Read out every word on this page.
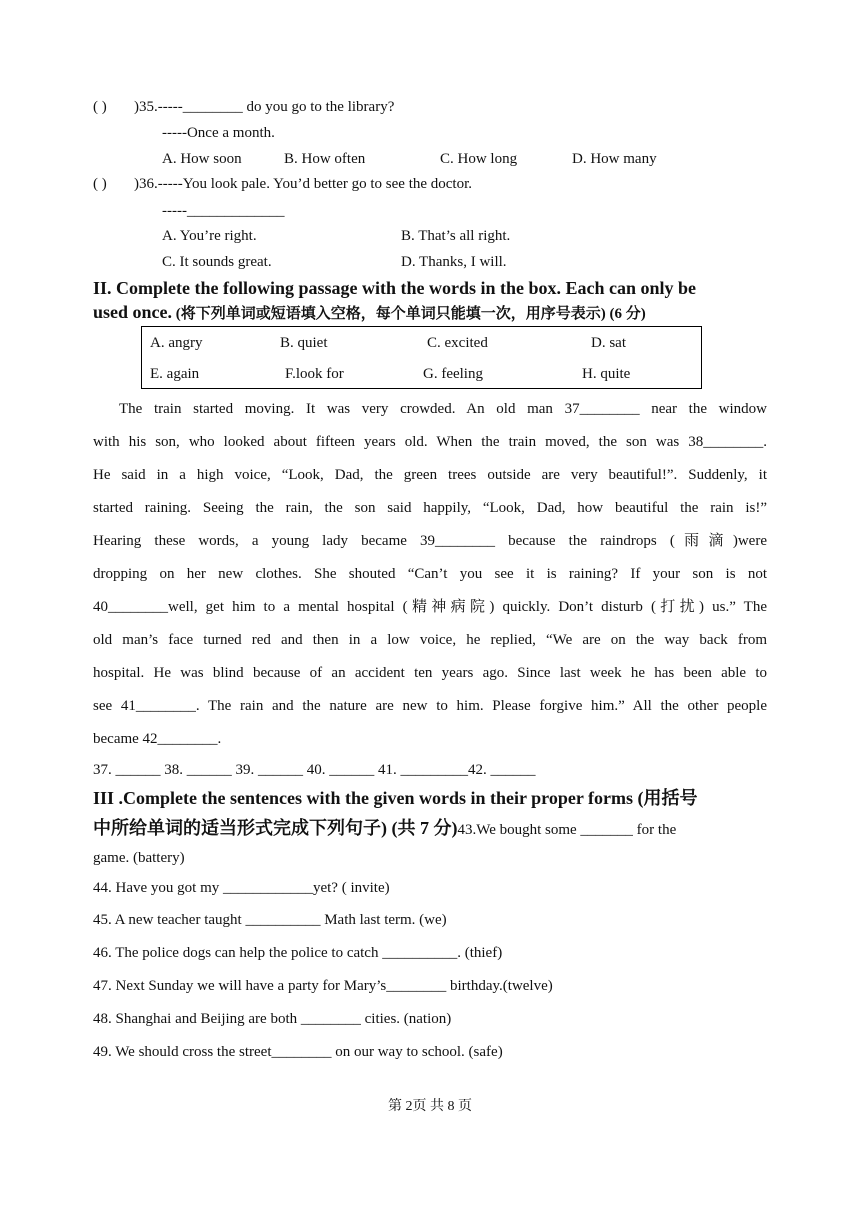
( ) )35.-----________ do you go to the library?
-----Once a month.
A. How soon	B. How often	C. How long	D. How many
( ) )36.-----You look pale. You’d better go to see the doctor.
-----_____________
A. You’re right.	B. That’s all right.
C. It sounds great.	D. Thanks, I will.
II. Complete the following passage with the words in the box. Each can only be
used once. (将下列单词或短语填入空格，每个单词只能填一次，用序号表示) (6 分)
A. angry	B. quiet	C. excited	D. sat
E. again	F.look for	G. feeling	H. quite
The train started moving. It was very crowded. An old man 37________ near the window
with his son, who looked about fifteen years old. When the train moved, the son was 38________.
He said in a high voice, “Look, Dad, the green trees outside are very beautiful!”. Suddenly, it
started raining. Seeing the rain, the son said happily, “Look, Dad, how beautiful the rain is!”
Hearing these words, a young lady became 39________ because the raindrops (雨滴)were
dropping on her new clothes. She shouted “Can’t you see it is raining? If your son is not
40________well, get him to a mental hospital (精神病院) quickly. Don’t disturb (打扰) us.” The
old man’s face turned red and then in a low voice, he replied, “We are on the way back from
hospital. He was blind because of an accident ten years ago. Since last week he has been able to
see 41________. The rain and the nature are new to him. Please forgive him.” All the other people
became 42________.
37. ______ 38. ______ 39. ______ 40. ______ 41. _________42. ______
III .Complete the sentences with the given words in their proper forms (用括号
中所给单词的适当形式完成下列句子) (共 7 分)43.We bought some _______ for the
game. (battery)
44. Have you got my ____________yet? ( invite)
45. A new teacher taught __________ Math last term. (we)
46. The police dogs can help the police to catch __________. (thief)
47. Next Sunday we will have a party for Mary’s________ birthday.(twelve)
48. Shanghai and Beijing are both ________ cities. (nation)
49. We should cross the street________ on our way to school. (safe)
第 2页 共 8 页
